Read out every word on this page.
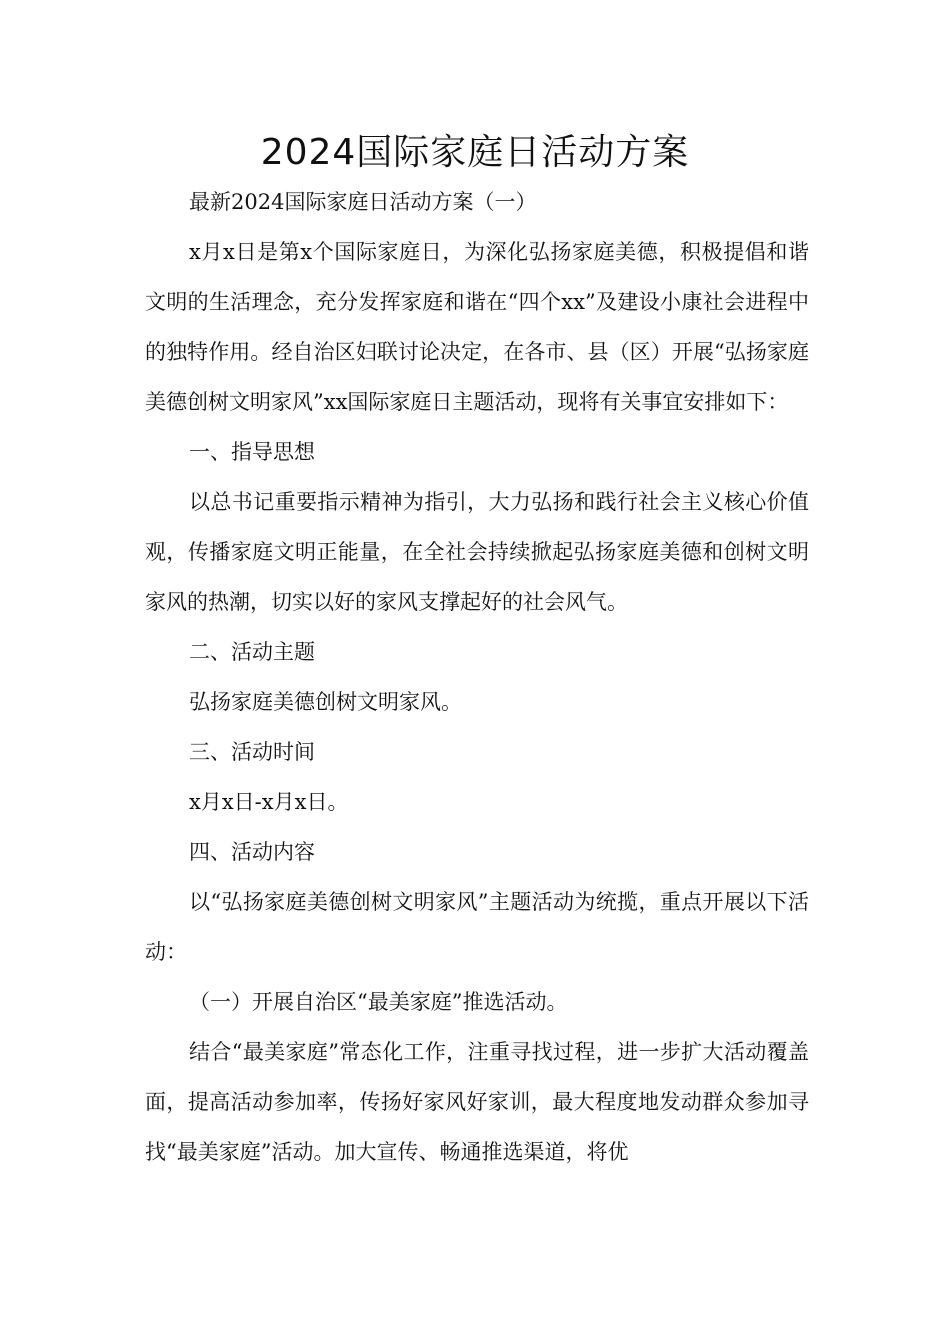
2024国际家庭日活动方案

最新2024国际家庭日活动方案（一）

x月x日是第x个国际家庭日，为深化弘扬家庭美德，积极提倡和谐文明的生活理念，充分发挥家庭和谐在“四个xx”及建设小康社会进程中的独特作用。经自治区妇联讨论决定，在各市、县（区）开展“弘扬家庭美德创树文明家风”xx国际家庭日主题活动，现将有关事宜安排如下：

一、指导思想

以总书记重要指示精神为指引，大力弘扬和践行社会主义核心价值观，传播家庭文明正能量，在全社会持续掀起弘扬家庭美德和创树文明家风的热潮，切实以好的家风支撑起好的社会风气。

二、活动主题

弘扬家庭美德创树文明家风。

三、活动时间

x月x日-x月x日。

四、活动内容

以“弘扬家庭美德创树文明家风”主题活动为统揽，重点开展以下活动：

（一）开展自治区“最美家庭”推选活动。

结合“最美家庭”常态化工作，注重寻找过程，进一步扩大活动覆盖面，提高活动参加率，传扬好家风好家训，最大程度地发动群众参加寻找“最美家庭”活动。加大宣传、畅通推选渠道，将优
